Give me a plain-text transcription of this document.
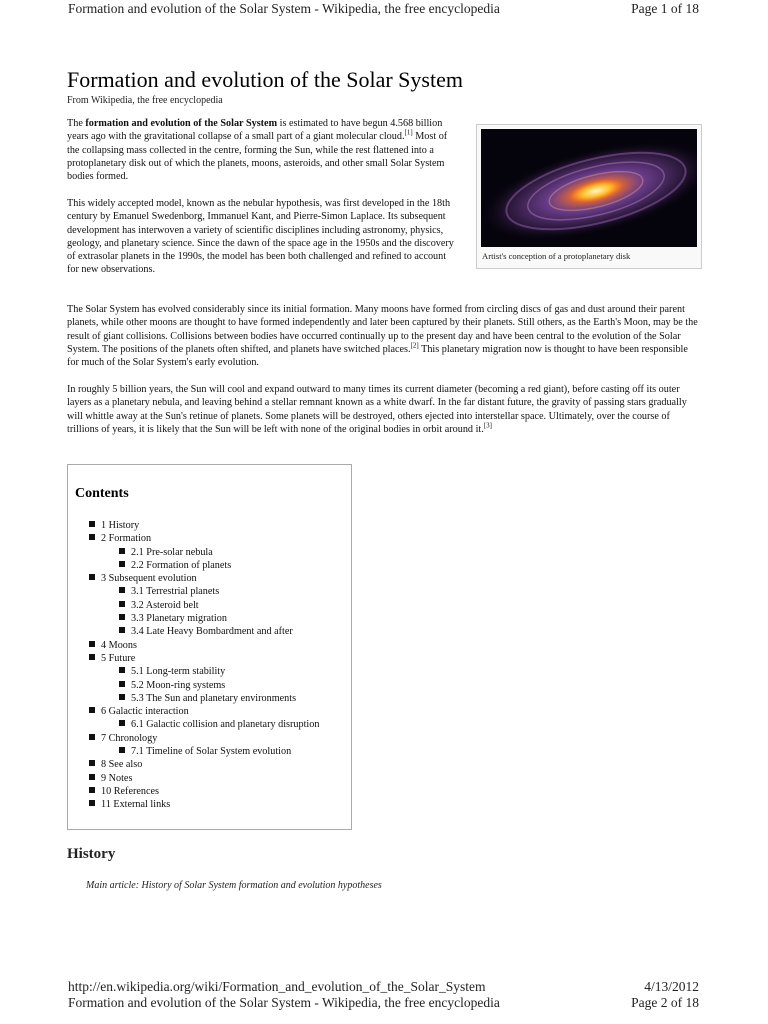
Formation and evolution of the Solar System - Wikipedia, the free encyclopedia	Page 1 of 18
Formation and evolution of the Solar System
From Wikipedia, the free encyclopedia

The formation and evolution of the Solar System is estimated to have begun 4.568 billion years ago with the gravitational collapse of a small part of a giant molecular cloud.[1] Most of the collapsing mass collected in the centre, forming the Sun, while the rest flattened into a protoplanetary disk out of which the planets, moons, asteroids, and other small Solar System bodies formed.

This widely accepted model, known as the nebular hypothesis, was first developed in the 18th century by Emanuel Swedenborg, Immanuel Kant, and Pierre-Simon Laplace. Its subsequent development has interwoven a variety of scientific disciplines including astronomy, physics, geology, and planetary science. Since the dawn of the space age in the 1950s and the discovery of extrasolar planets in the 1990s, the model has been both challenged and refined to account for new observations.

Artist's conception of a protoplanetary disk

The Solar System has evolved considerably since its initial formation. Many moons have formed from circling discs of gas and dust around their parent planets, while other moons are thought to have formed independently and later been captured by their planets. Still others, as the Earth's Moon, may be the result of giant collisions. Collisions between bodies have occurred continually up to the present day and have been central to the evolution of the Solar System. The positions of the planets often shifted, and planets have switched places.[2] This planetary migration now is thought to have been responsible for much of the Solar System's early evolution.

In roughly 5 billion years, the Sun will cool and expand outward to many times its current diameter (becoming a red giant), before casting off its outer layers as a planetary nebula, and leaving behind a stellar remnant known as a white dwarf. In the far distant future, the gravity of passing stars gradually will whittle away at the Sun's retinue of planets. Some planets will be destroyed, others ejected into interstellar space. Ultimately, over the course of trillions of years, it is likely that the Sun will be left with none of the original bodies in orbit around it.[3]

Contents
1 History
2 Formation
2.1 Pre-solar nebula
2.2 Formation of planets
3 Subsequent evolution
3.1 Terrestrial planets
3.2 Asteroid belt
3.3 Planetary migration
3.4 Late Heavy Bombardment and after
4 Moons
5 Future
5.1 Long-term stability
5.2 Moon-ring systems
5.3 The Sun and planetary environments
6 Galactic interaction
6.1 Galactic collision and planetary disruption
7 Chronology
7.1 Timeline of Solar System evolution
8 See also
9 Notes
10 References
11 External links
History
Main article: History of Solar System formation and evolution hypotheses
http://en.wikipedia.org/wiki/Formation_and_evolution_of_the_Solar_System	4/13/2012
Formation and evolution of the Solar System - Wikipedia, the free encyclopedia	Page 2 of 18
